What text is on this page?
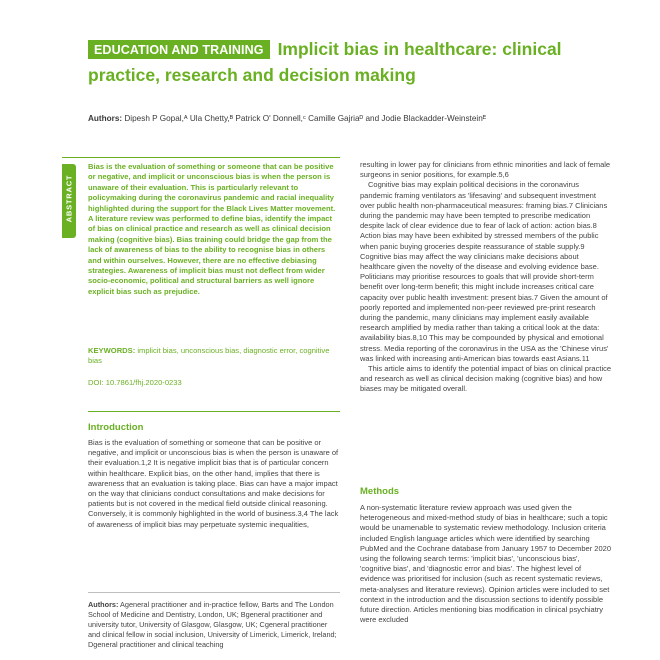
EDUCATION AND TRAINING Implicit bias in healthcare: clinical practice, research and decision making
Authors: Dipesh P Gopal,ᴬ Ula Chetty,ᴮ Patrick O' Donnell,ᶜ Camille Gajriaᴰ and Jodie Blackadder-Weinsteinᴱ
ABSTRACT
Bias is the evaluation of something or someone that can be positive or negative, and implicit or unconscious bias is when the person is unaware of their evaluation. This is particularly relevant to policymaking during the coronavirus pandemic and racial inequality highlighted during the support for the Black Lives Matter movement. A literature review was performed to define bias, identify the impact of bias on clinical practice and research as well as clinical decision making (cognitive bias). Bias training could bridge the gap from the lack of awareness of bias to the ability to recognise bias in others and within ourselves. However, there are no effective debiasing strategies. Awareness of implicit bias must not deflect from wider socio-economic, political and structural barriers as well ignore explicit bias such as prejudice.
KEYWORDS: implicit bias, unconscious bias, diagnostic error, cognitive bias
DOI: 10.7861/fhj.2020-0233
Introduction
Bias is the evaluation of something or someone that can be positive or negative, and implicit or unconscious bias is when the person is unaware of their evaluation.1,2 It is negative implicit bias that is of particular concern within healthcare. Explicit bias, on the other hand, implies that there is awareness that an evaluation is taking place. Bias can have a major impact on the way that clinicians conduct consultations and make decisions for patients but is not covered in the medical field outside clinical reasoning. Conversely, it is commonly highlighted in the world of business.3,4 The lack of awareness of implicit bias may perpetuate systemic inequalities,
Authors: Ageneral practitioner and in-practice fellow, Barts and The London School of Medicine and Dentistry, London, UK; Bgeneral practitioner and university tutor, University of Glasgow, Glasgow, UK; Cgeneral practitioner and clinical fellow in social inclusion, University of Limerick, Limerick, Ireland; Dgeneral practitioner and clinical teaching

resulting in lower pay for clinicians from ethnic minorities and lack of female surgeons in senior positions, for example.5,6

Cognitive bias may explain political decisions in the coronavirus pandemic framing ventilators as 'lifesaving' and subsequent investment over public health non-pharmaceutical measures: framing bias.7 Clinicians during the pandemic may have been tempted to prescribe medication despite lack of clear evidence due to fear of lack of action: action bias.8 Action bias may have been exhibited by stressed members of the public when panic buying groceries despite reassurance of stable supply.9 Cognitive bias may affect the way clinicians make decisions about healthcare given the novelty of the disease and evolving evidence base. Politicians may prioritise resources to goals that will provide short-term benefit over long-term benefit; this might include increases critical care capacity over public health investment: present bias.7 Given the amount of poorly reported and implemented non-peer reviewed pre-print research during the pandemic, many clinicians may implement easily available research amplified by media rather than taking a critical look at the data: availability bias.8,10 This may be compounded by physical and emotional stress. Media reporting of the coronavirus in the USA as the 'Chinese virus' was linked with increasing anti-American bias towards east Asians.11

This article aims to identify the potential impact of bias on clinical practice and research as well as clinical decision making (cognitive bias) and how biases may be mitigated overall.

Methods
A non-systematic literature review approach was used given the heterogeneous and mixed-method study of bias in healthcare; such a topic would be unamenable to systematic review methodology. Inclusion criteria included English language articles which were identified by searching PubMed and the Cochrane database from January 1957 to December 2020 using the following search terms: 'implicit bias', 'unconscious bias', 'cognitive bias', and 'diagnostic error and bias'. The highest level of evidence was prioritised for inclusion (such as recent systematic reviews, meta-analyses and literature reviews). Opinion articles were included to set context in the introduction and the discussion sections to identify possible future direction. Articles mentioning bias modification in clinical psychiatry were excluded
